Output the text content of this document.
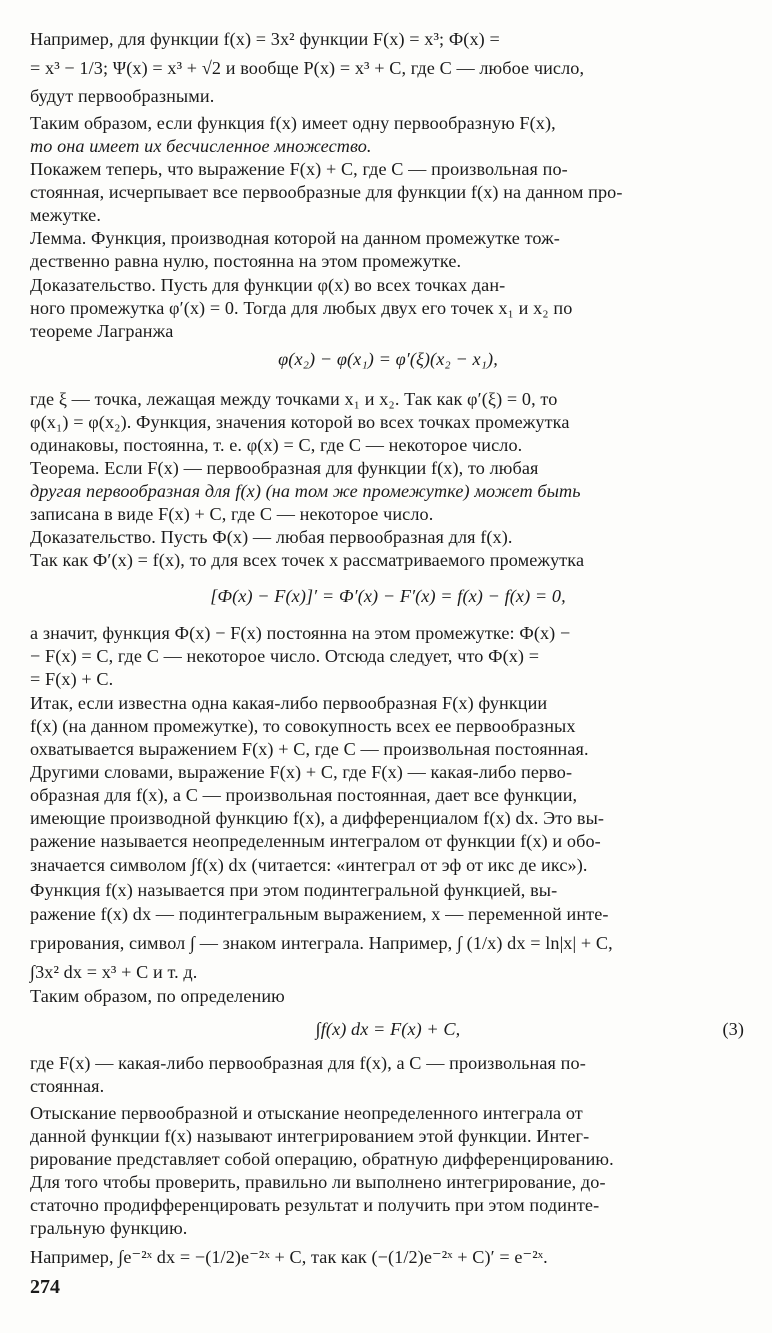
Например, для функции f(x) = 3x² функции F(x) = x³; Ф(x) =
= x³ − 1/3; Ψ(x) = x³ + √2 и вообще P(x) = x³ + C, где C — любое число,
будут первообразными.
Таким образом, если функция f(x) имеет одну первообразную F(x),
то она имеет их бесчисленное множество.
Покажем теперь, что выражение F(x) + C, где C — произвольная по-
стоянная, исчерпывает все первообразные для функции f(x) на данном про-
межутке.
Лемма. Функция, производная которой на данном промежутке тож-
дественно равна нулю, постоянна на этом промежутке.
Доказательство. Пусть для функции φ(x) во всех точках дан-
ного промежутка φ′(x) = 0. Тогда для любых двух его точек x₁ и x₂ по
теореме Лагранжа
φ(x₂) − φ(x₁) = φ′(ξ)(x₂ − x₁),
где ξ — точка, лежащая между точками x₁ и x₂. Так как φ′(ξ) = 0, то
φ(x₁) = φ(x₂). Функция, значения которой во всех точках промежутка
одинаковы, постоянна, т. е. φ(x) = C, где C — некоторое число.
Теорема. Если F(x) — первообразная для функции f(x), то любая
другая первообразная для f(x) (на том же промежутке) может быть
записана в виде F(x) + C, где C — некоторое число.
Доказательство. Пусть Ф(x) — любая первообразная для f(x).
Так как Ф′(x) = f(x), то для всех точек x рассматриваемого промежутка
[Ф(x) − F(x)]′ = Ф′(x) − F′(x) = f(x) − f(x) = 0,
а значит, функция Ф(x) − F(x) постоянна на этом промежутке: Ф(x) −
− F(x) = C, где C — некоторое число. Отсюда следует, что Ф(x) =
= F(x) + C.
Итак, если известна одна какая-либо первообразная F(x) функции
f(x) (на данном промежутке), то совокупность всех ее первообразных
охватывается выражением F(x) + C, где C — произвольная постоянная.
Другими словами, выражение F(x) + C, где F(x) — какая-либо перво-
образная для f(x), а C — произвольная постоянная, дает все функции,
имеющие производной функцию f(x), а дифференциалом f(x) dx. Это вы-
ражение называется неопределенным интегралом от функции f(x) и обо-
значается символом ∫f(x) dx (читается: «интеграл от эф от икс де икс»).
Функция f(x) называется при этом подинтегральной функцией, вы-
ражение f(x) dx — подинтегральным выражением, x — переменной инте-
грирования, символ ∫ — знаком интеграла. Например, ∫ (1/x) dx = ln|x| + C,
∫3x² dx = x³ + C и т. д.
Таким образом, по определению
∫f(x) dx = F(x) + C,	(3)
где F(x) — какая-либо первообразная для f(x), а C — произвольная по-
стоянная.
Отыскание первообразной и отыскание неопределенного интеграла от
данной функции f(x) называют интегрированием этой функции. Интег-
рирование представляет собой операцию, обратную дифференцированию.
Для того чтобы проверить, правильно ли выполнено интегрирование, до-
статочно продифференцировать результат и получить при этом подинте-
гральную функцию.
Например, ∫e⁻²ˣ dx = −(1/2)e⁻²ˣ + C, так как (−(1/2)e⁻²ˣ + C)′ = e⁻²ˣ.
274
